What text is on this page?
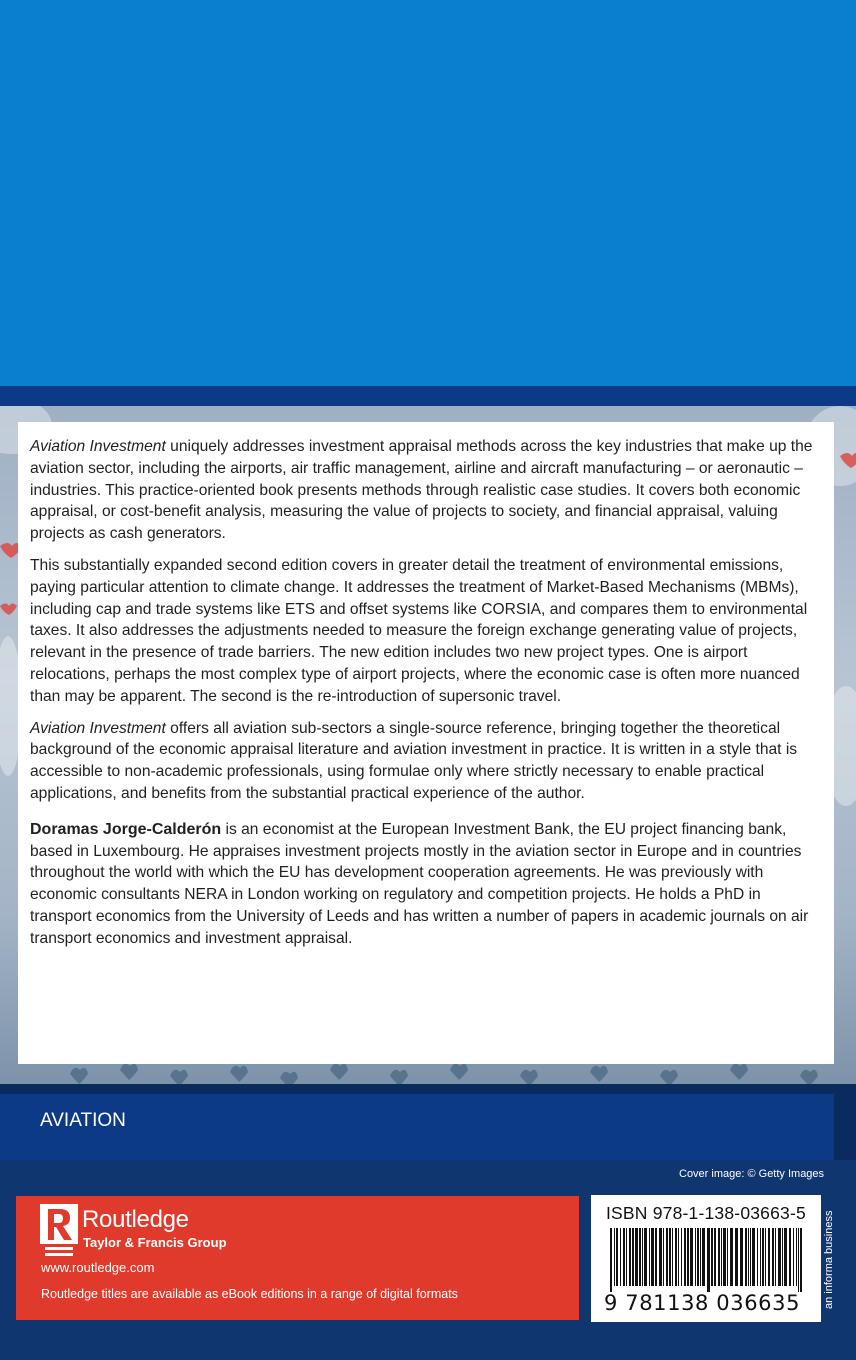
Aviation Investment uniquely addresses investment appraisal methods across the key industries that make up the aviation sector, including the airports, air traffic management, airline and aircraft manufacturing – or aeronautic – industries. This practice-oriented book presents methods through realistic case studies. It covers both economic appraisal, or cost-benefit analysis, measuring the value of projects to society, and financial appraisal, valuing projects as cash generators.

This substantially expanded second edition covers in greater detail the treatment of environmental emissions, paying particular attention to climate change. It addresses the treatment of Market-Based Mechanisms (MBMs), including cap and trade systems like ETS and offset systems like CORSIA, and compares them to environmental taxes. It also addresses the adjustments needed to measure the foreign exchange generating value of projects, relevant in the presence of trade barriers. The new edition includes two new project types. One is airport relocations, perhaps the most complex type of airport projects, where the economic case is often more nuanced than may be apparent. The second is the re-introduction of supersonic travel.

Aviation Investment offers all aviation sub-sectors a single-source reference, bringing together the theoretical background of the economic appraisal literature and aviation investment in practice. It is written in a style that is accessible to non-academic professionals, using formulae only where strictly necessary to enable practical applications, and benefits from the substantial practical experience of the author.

Doramas Jorge-Calderón is an economist at the European Investment Bank, the EU project financing bank, based in Luxembourg. He appraises investment projects mostly in the aviation sector in Europe and in countries throughout the world with which the EU has development cooperation agreements. He was previously with economic consultants NERA in London working on regulatory and competition projects. He holds a PhD in transport economics from the University of Leeds and has written a number of papers in academic journals on air transport economics and investment appraisal.

AVIATION
Cover image: © Getty Images
Routledge
Taylor & Francis Group
www.routledge.com
Routledge titles are available as eBook editions in a range of digital formats
ISBN 978-1-138-03663-5
9 781138 036635 an informa business
